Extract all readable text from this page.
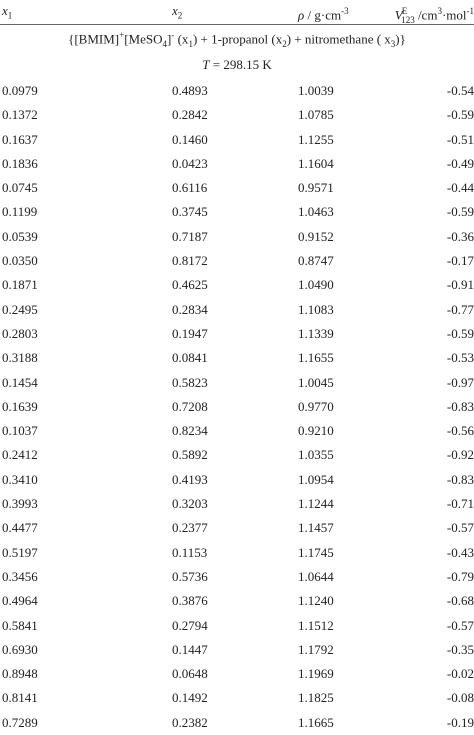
$x_1$	$x_2$	$\rho / g\cdot cm^{-3}$	$V^E_{123}$ $/cm^3\cdot mol^{-1}$
{[BMIM]+[MeSO$_4$]- $(x_1)$ + 1-propanol $(x_2)$ + nitromethane ( $x_3$)}
T = 298.15 K
0.0979	0.4893	1.0039	-0.54
0.1372	0.2842	1.0785	-0.59
0.1637	0.1460	1.1255	-0.51
0.1836	0.0423	1.1604	-0.49
0.0745	0.6116	0.9571	-0.44
0.1199	0.3745	1.0463	-0.59
0.0539	0.7187	0.9152	-0.36
0.0350	0.8172	0.8747	-0.17
0.1871	0.4625	1.0490	-0.91
0.2495	0.2834	1.1083	-0.77
0.2803	0.1947	1.1339	-0.59
0.3188	0.0841	1.1655	-0.53
0.1454	0.5823	1.0045	-0.97
0.1639	0.7208	0.9770	-0.83
0.1037	0.8234	0.9210	-0.56
0.2412	0.5892	1.0355	-0.92
0.3410	0.4193	1.0954	-0.83
0.3993	0.3203	1.1244	-0.71
0.4477	0.2377	1.1457	-0.57
0.5197	0.1153	1.1745	-0.43
0.3456	0.5736	1.0644	-0.79
0.4964	0.3876	1.1240	-0.68
0.5841	0.2794	1.1512	-0.57
0.6930	0.1447	1.1792	-0.35
0.8948	0.0648	1.1969	-0.02
0.8141	0.1492	1.1825	-0.08
0.7289	0.2382	1.1665	-0.19
